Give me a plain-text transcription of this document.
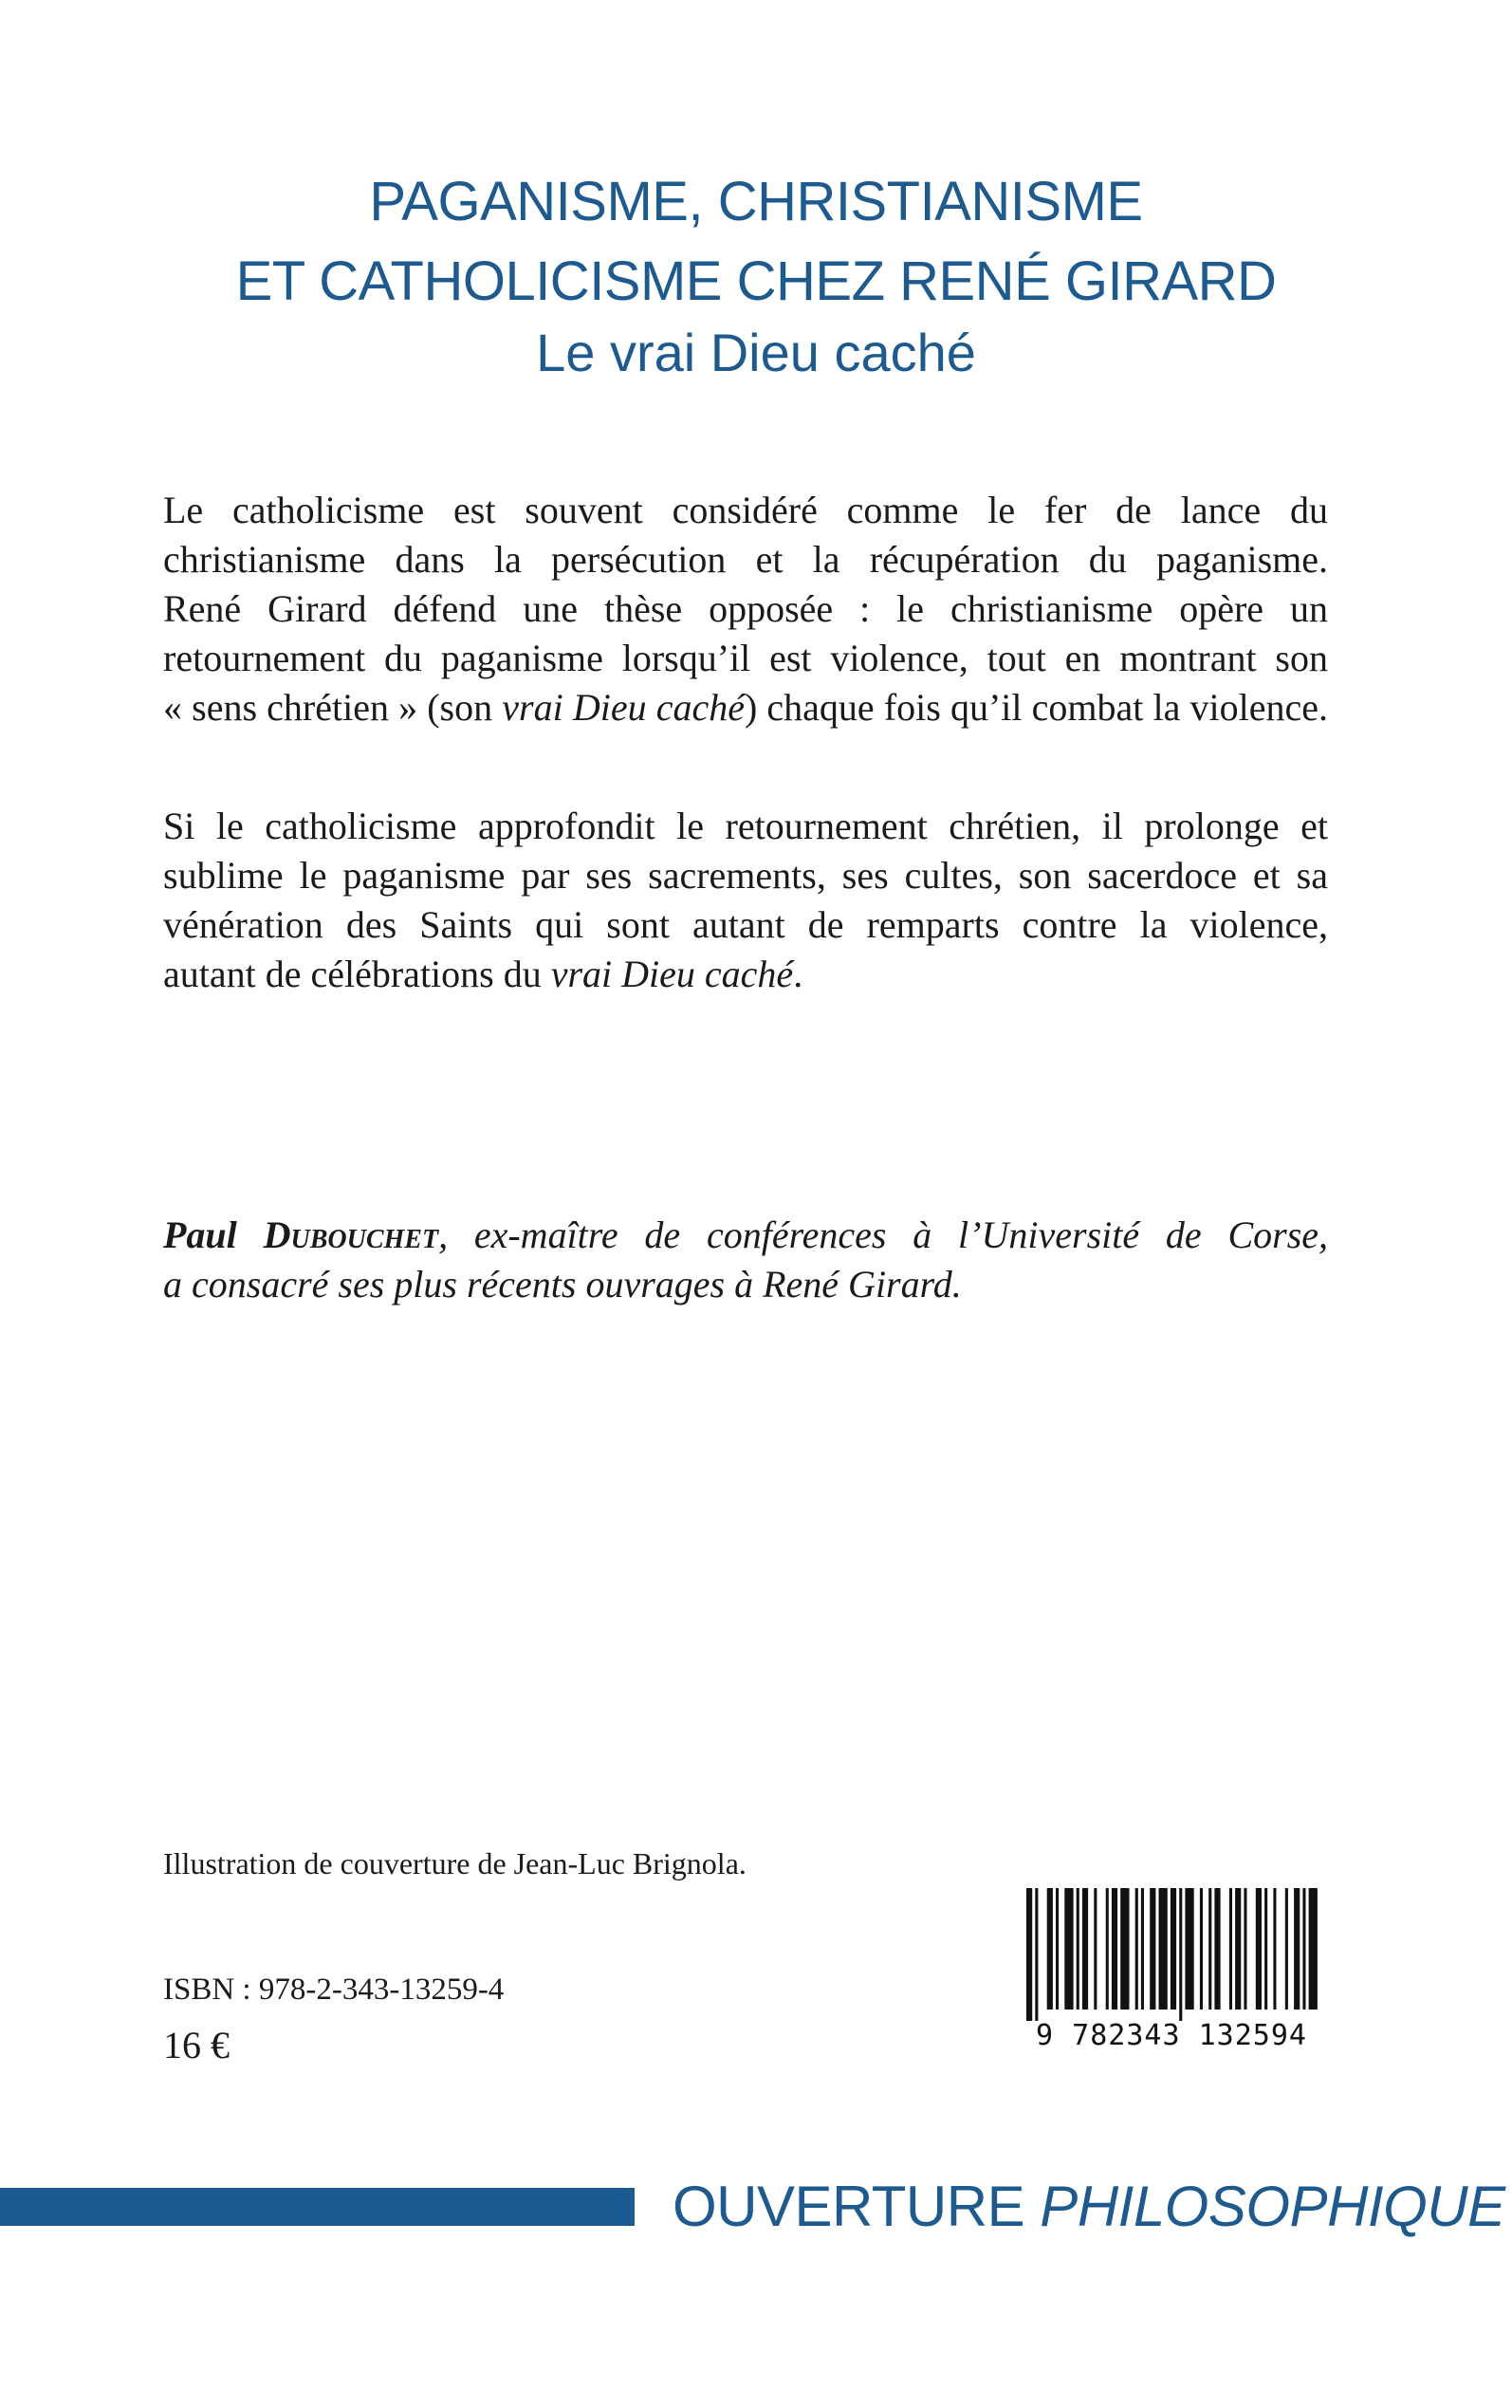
PAGANISME, CHRISTIANISME
ET CATHOLICISME CHEZ RENÉ GIRARD
Le vrai Dieu caché
Le catholicisme est souvent considéré comme le fer de lance du
christianisme dans la persécution et la récupération du paganisme.
René Girard défend une thèse opposée : le christianisme opère un
retournement du paganisme lorsqu’il est violence, tout en montrant son
« sens chrétien » (son vrai Dieu caché) chaque fois qu’il combat la violence.
Si le catholicisme approfondit le retournement chrétien, il prolonge et
sublime le paganisme par ses sacrements, ses cultes, son sacerdoce et sa
vénération des Saints qui sont autant de remparts contre la violence,
autant de célébrations du vrai Dieu caché.
Paul Dubouchet, ex-maître de conférences à l’Université de Corse,
a consacré ses plus récents ouvrages à René Girard.
Illustration de couverture de Jean-Luc Brignola.
ISBN : 978-2-343-13259-4
16 €	9 782343 132594
OUVERTURE PHILOSOPHIQUE
